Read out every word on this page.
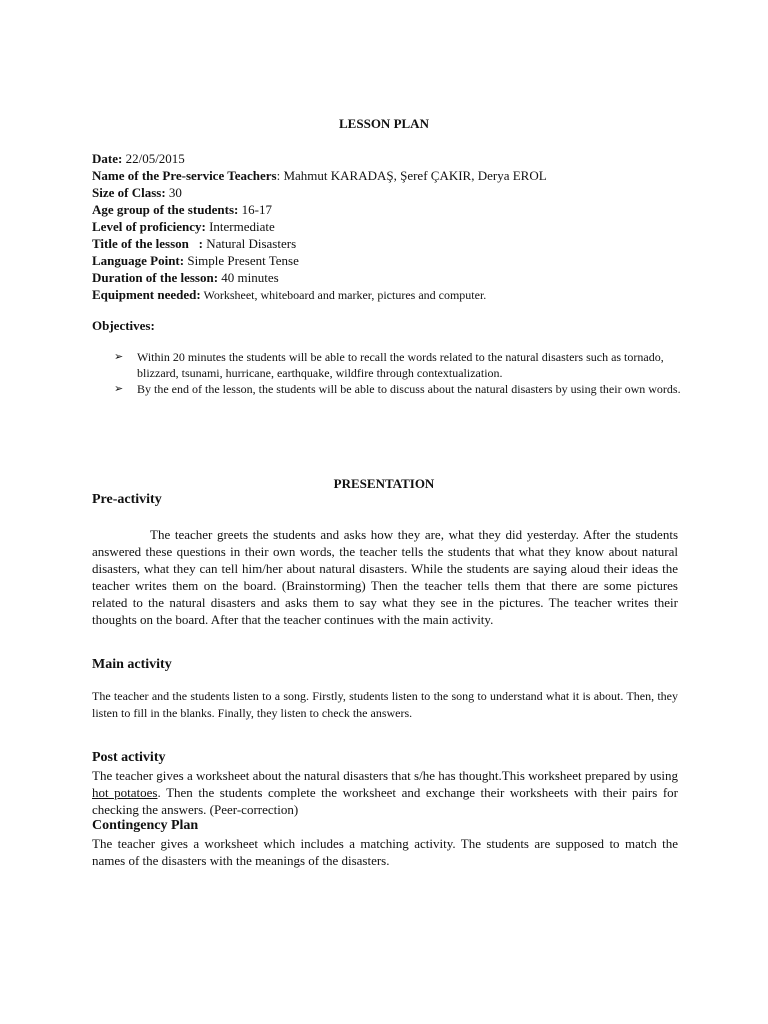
LESSON PLAN
Date: 22/05/2015
Name of the Pre-service Teachers: Mahmut KARADAŞ, Şeref ÇAKIR, Derya EROL
Size of Class: 30
Age group of the students: 16-17
Level of proficiency: Intermediate
Title of the lesson   : Natural Disasters
Language Point: Simple Present Tense
Duration of the lesson: 40 minutes
Equipment needed: Worksheet, whiteboard and marker, pictures and computer.
Objectives:
➢ Within 20 minutes the students will be able to recall the words related to the natural disasters such as tornado, blizzard, tsunami, hurricane, earthquake, wildfire through contextualization.
➢ By the end of the lesson, the students will be able to discuss about the natural disasters by using their own words.
PRESENTATION
Pre-activity
The teacher greets the students and asks how they are, what they did yesterday. After the students answered these questions in their own words, the teacher tells the students that what they know about natural disasters, what they can tell him/her about natural disasters. While the students are saying aloud their ideas the teacher writes them on the board. (Brainstorming) Then the teacher tells them that there are some pictures related to the natural disasters and asks them to say what they see in the pictures. The teacher writes their thoughts on the board. After that the teacher continues with the main activity.
Main activity
The teacher and the students listen to a song. Firstly, students listen to the song to understand what it is about. Then, they listen to fill in the blanks. Finally, they listen to check the answers.
Post activity
The teacher gives a worksheet about the natural disasters that s/he has thought.This worksheet prepared by using hot potatoes. Then the students complete the worksheet and exchange their worksheets with their pairs for checking the answers. (Peer-correction)
Contingency Plan
The teacher gives a worksheet which includes a matching activity. The students are supposed to match the names of the disasters with the meanings of the disasters.
